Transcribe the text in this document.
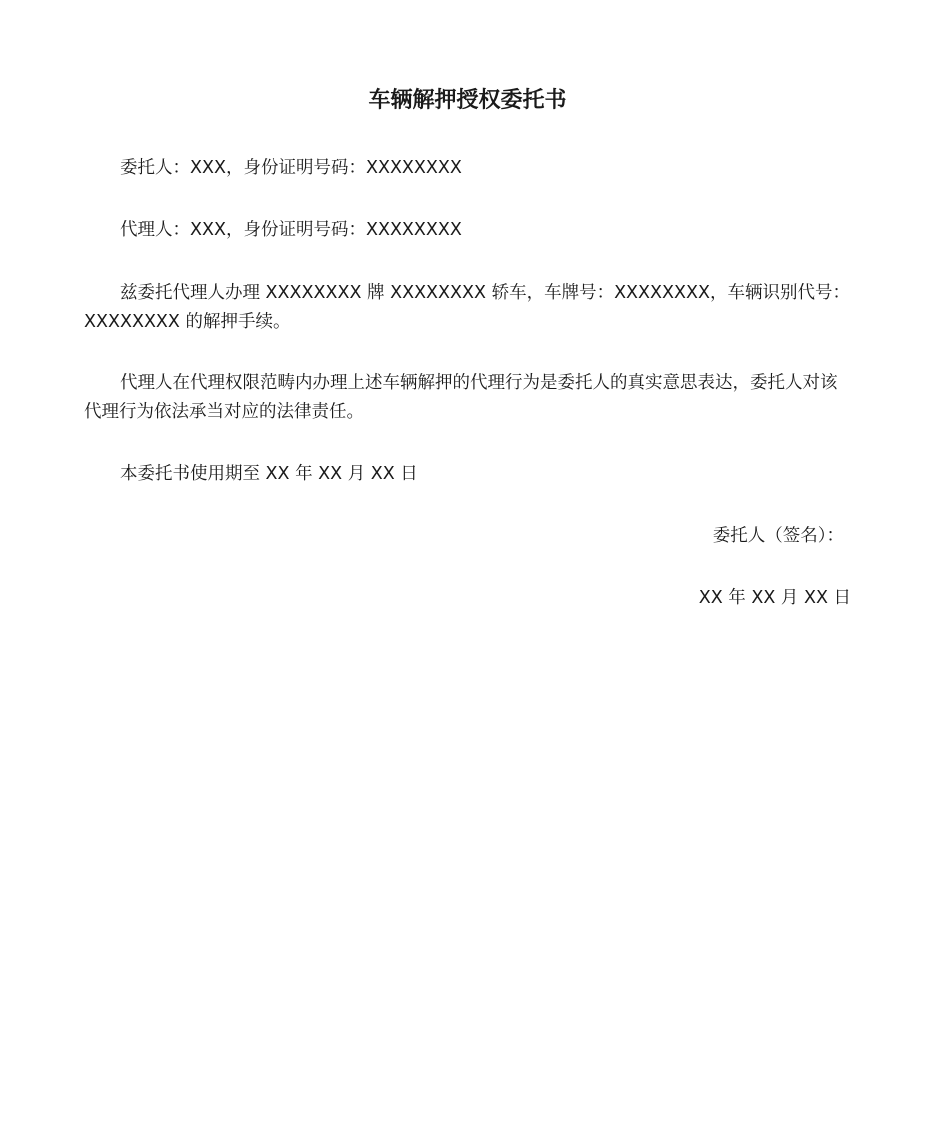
车辆解押授权委托书

委托人：XXX，身份证明号码：XXXXXXXX

代理人：XXX，身份证明号码：XXXXXXXX

兹委托代理人办理 XXXXXXXX 牌 XXXXXXXX 轿车，车牌号：XXXXXXXX，车辆识别代号：XXXXXXXX 的解押手续。

代理人在代理权限范畴内办理上述车辆解押的代理行为是委托人的真实意思表达，委托人对该代理行为依法承当对应的法律责任。

本委托书使用期至 XX 年 XX 月 XX 日

委托人（签名）：
XX 年 XX 月 XX 日
